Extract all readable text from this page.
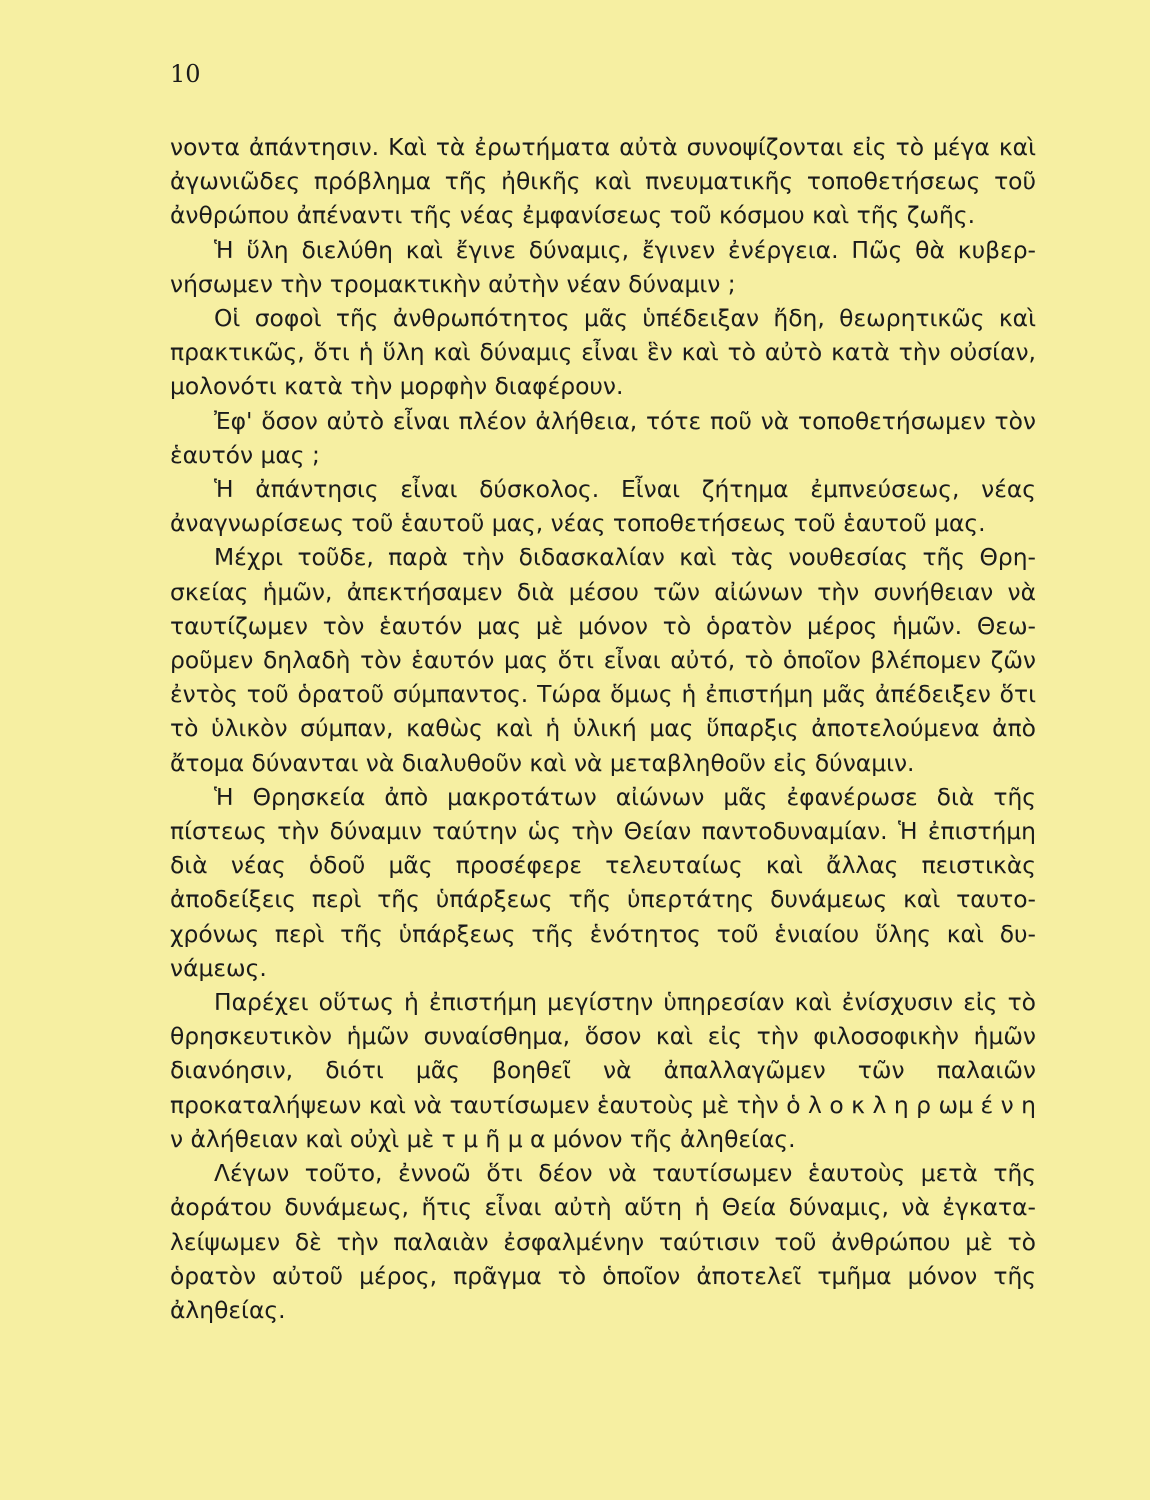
10

νοντα ἀπάντησιν. Καὶ τὰ ἐρωτήματα αὐτὰ συνοψίζονται εἰς τὸ μέγα καὶ ἀγωνιῶδες πρόβλημα τῆς ἠθικῆς καὶ πνευματικῆς τοποθετήσεως τοῦ ἀνθρώπου ἀπέναντι τῆς νέας ἐμφανίσεως τοῦ κόσμου καὶ τῆς ζωῆς.

Ἡ ὕλη διελύθη καὶ ἔγινε δύναμις, ἔγινεν ἐνέργεια. Πῶς θὰ κυβερνήσωμεν τὴν τρομακτικὴν αὐτὴν νέαν δύναμιν ;

Οἱ σοφοὶ τῆς ἀνθρωπότητος μᾶς ὑπέδειξαν ἤδη, θεωρητικῶς καὶ πρακτικῶς, ὅτι ἡ ὕλη καὶ δύναμις εἶναι ἓν καὶ τὸ αὐτὸ κατὰ τὴν οὐσίαν, μολονότι κατὰ τὴν μορφὴν διαφέρουν.

Ἐφ' ὅσον αὐτὸ εἶναι πλέον ἀλήθεια, τότε ποῦ νὰ τοποθετήσωμεν τὸν ἑαυτόν μας ;

Ἡ ἀπάντησις εἶναι δύσκολος. Εἶναι ζήτημα ἐμπνεύσεως, νέας ἀναγνωρίσεως τοῦ ἑαυτοῦ μας, νέας τοποθετήσεως τοῦ ἑαυτοῦ μας.

Μέχρι τοῦδε, παρὰ τὴν διδασκαλίαν καὶ τὰς νουθεσίας τῆς Θρησκείας ἡμῶν, ἀπεκτήσαμεν διὰ μέσου τῶν αἰώνων τὴν συνήθειαν νὰ ταυτίζωμεν τὸν ἑαυτόν μας μὲ μόνον τὸ ὁρατὸν μέρος ἡμῶν. Θεωροῦμεν δηλαδὴ τὸν ἑαυτόν μας ὅτι εἶναι αὐτό, τὸ ὁποῖον βλέπομεν ζῶν ἐντὸς τοῦ ὁρατοῦ σύμπαντος. Τώρα ὅμως ἡ ἐπιστήμη μᾶς ἀπέδειξεν ὅτι τὸ ὑλικὸν σύμπαν, καθὼς καὶ ἡ ὑλική μας ὕπαρξις ἀποτελούμενα ἀπὸ ἄτομα δύνανται νὰ διαλυθοῦν καὶ νὰ μεταβληθοῦν εἰς δύναμιν.

Ἡ Θρησκεία ἀπὸ μακροτάτων αἰώνων μᾶς ἐφανέρωσε διὰ τῆς πίστεως τὴν δύναμιν ταύτην ὡς τὴν Θείαν παντοδυναμίαν. Ἡ ἐπιστήμη διὰ νέας ὁδοῦ μᾶς προσέφερε τελευταίως καὶ ἄλλας πειστικὰς ἀποδείξεις περὶ τῆς ὑπάρξεως τῆς ὑπερτάτης δυνάμεως καὶ ταυτοχρόνως περὶ τῆς ὑπάρξεως τῆς ἑνότητος τοῦ ἑνιαίου ὕλης καὶ δυνάμεως.

Παρέχει οὕτως ἡ ἐπιστήμη μεγίστην ὑπηρεσίαν καὶ ἐνίσχυσιν εἰς τὸ θρησκευτικὸν ἡμῶν συναίσθημα, ὅσον καὶ εἰς τὴν φιλοσοφικὴν ἡμῶν διανόησιν, διότι μᾶς βοηθεῖ νὰ ἀπαλλαγῶμεν τῶν παλαιῶν προκαταλήψεων καὶ νὰ ταυτίσωμεν ἑαυτοὺς μὲ τὴν ὁ λ ο κ λ η ρ ωμ έ ν η ν ἀλήθειαν καὶ οὐχὶ μὲ τ μ ῆ μ α μόνον τῆς ἀληθείας.

Λέγων τοῦτο, ἐννοῶ ὅτι δέον νὰ ταυτίσωμεν ἑαυτοὺς μετὰ τῆς ἀοράτου δυνάμεως, ἥτις εἶναι αὐτὴ αὕτη ἡ Θεία δύναμις, νὰ ἐγκαταλείψωμεν δὲ τὴν παλαιὰν ἐσφαλμένην ταύτισιν τοῦ ἀνθρώπου μὲ τὸ ὁρατὸν αὐτοῦ μέρος, πρᾶγμα τὸ ὁποῖον ἀποτελεῖ τμῆμα μόνον τῆς ἀληθείας.
